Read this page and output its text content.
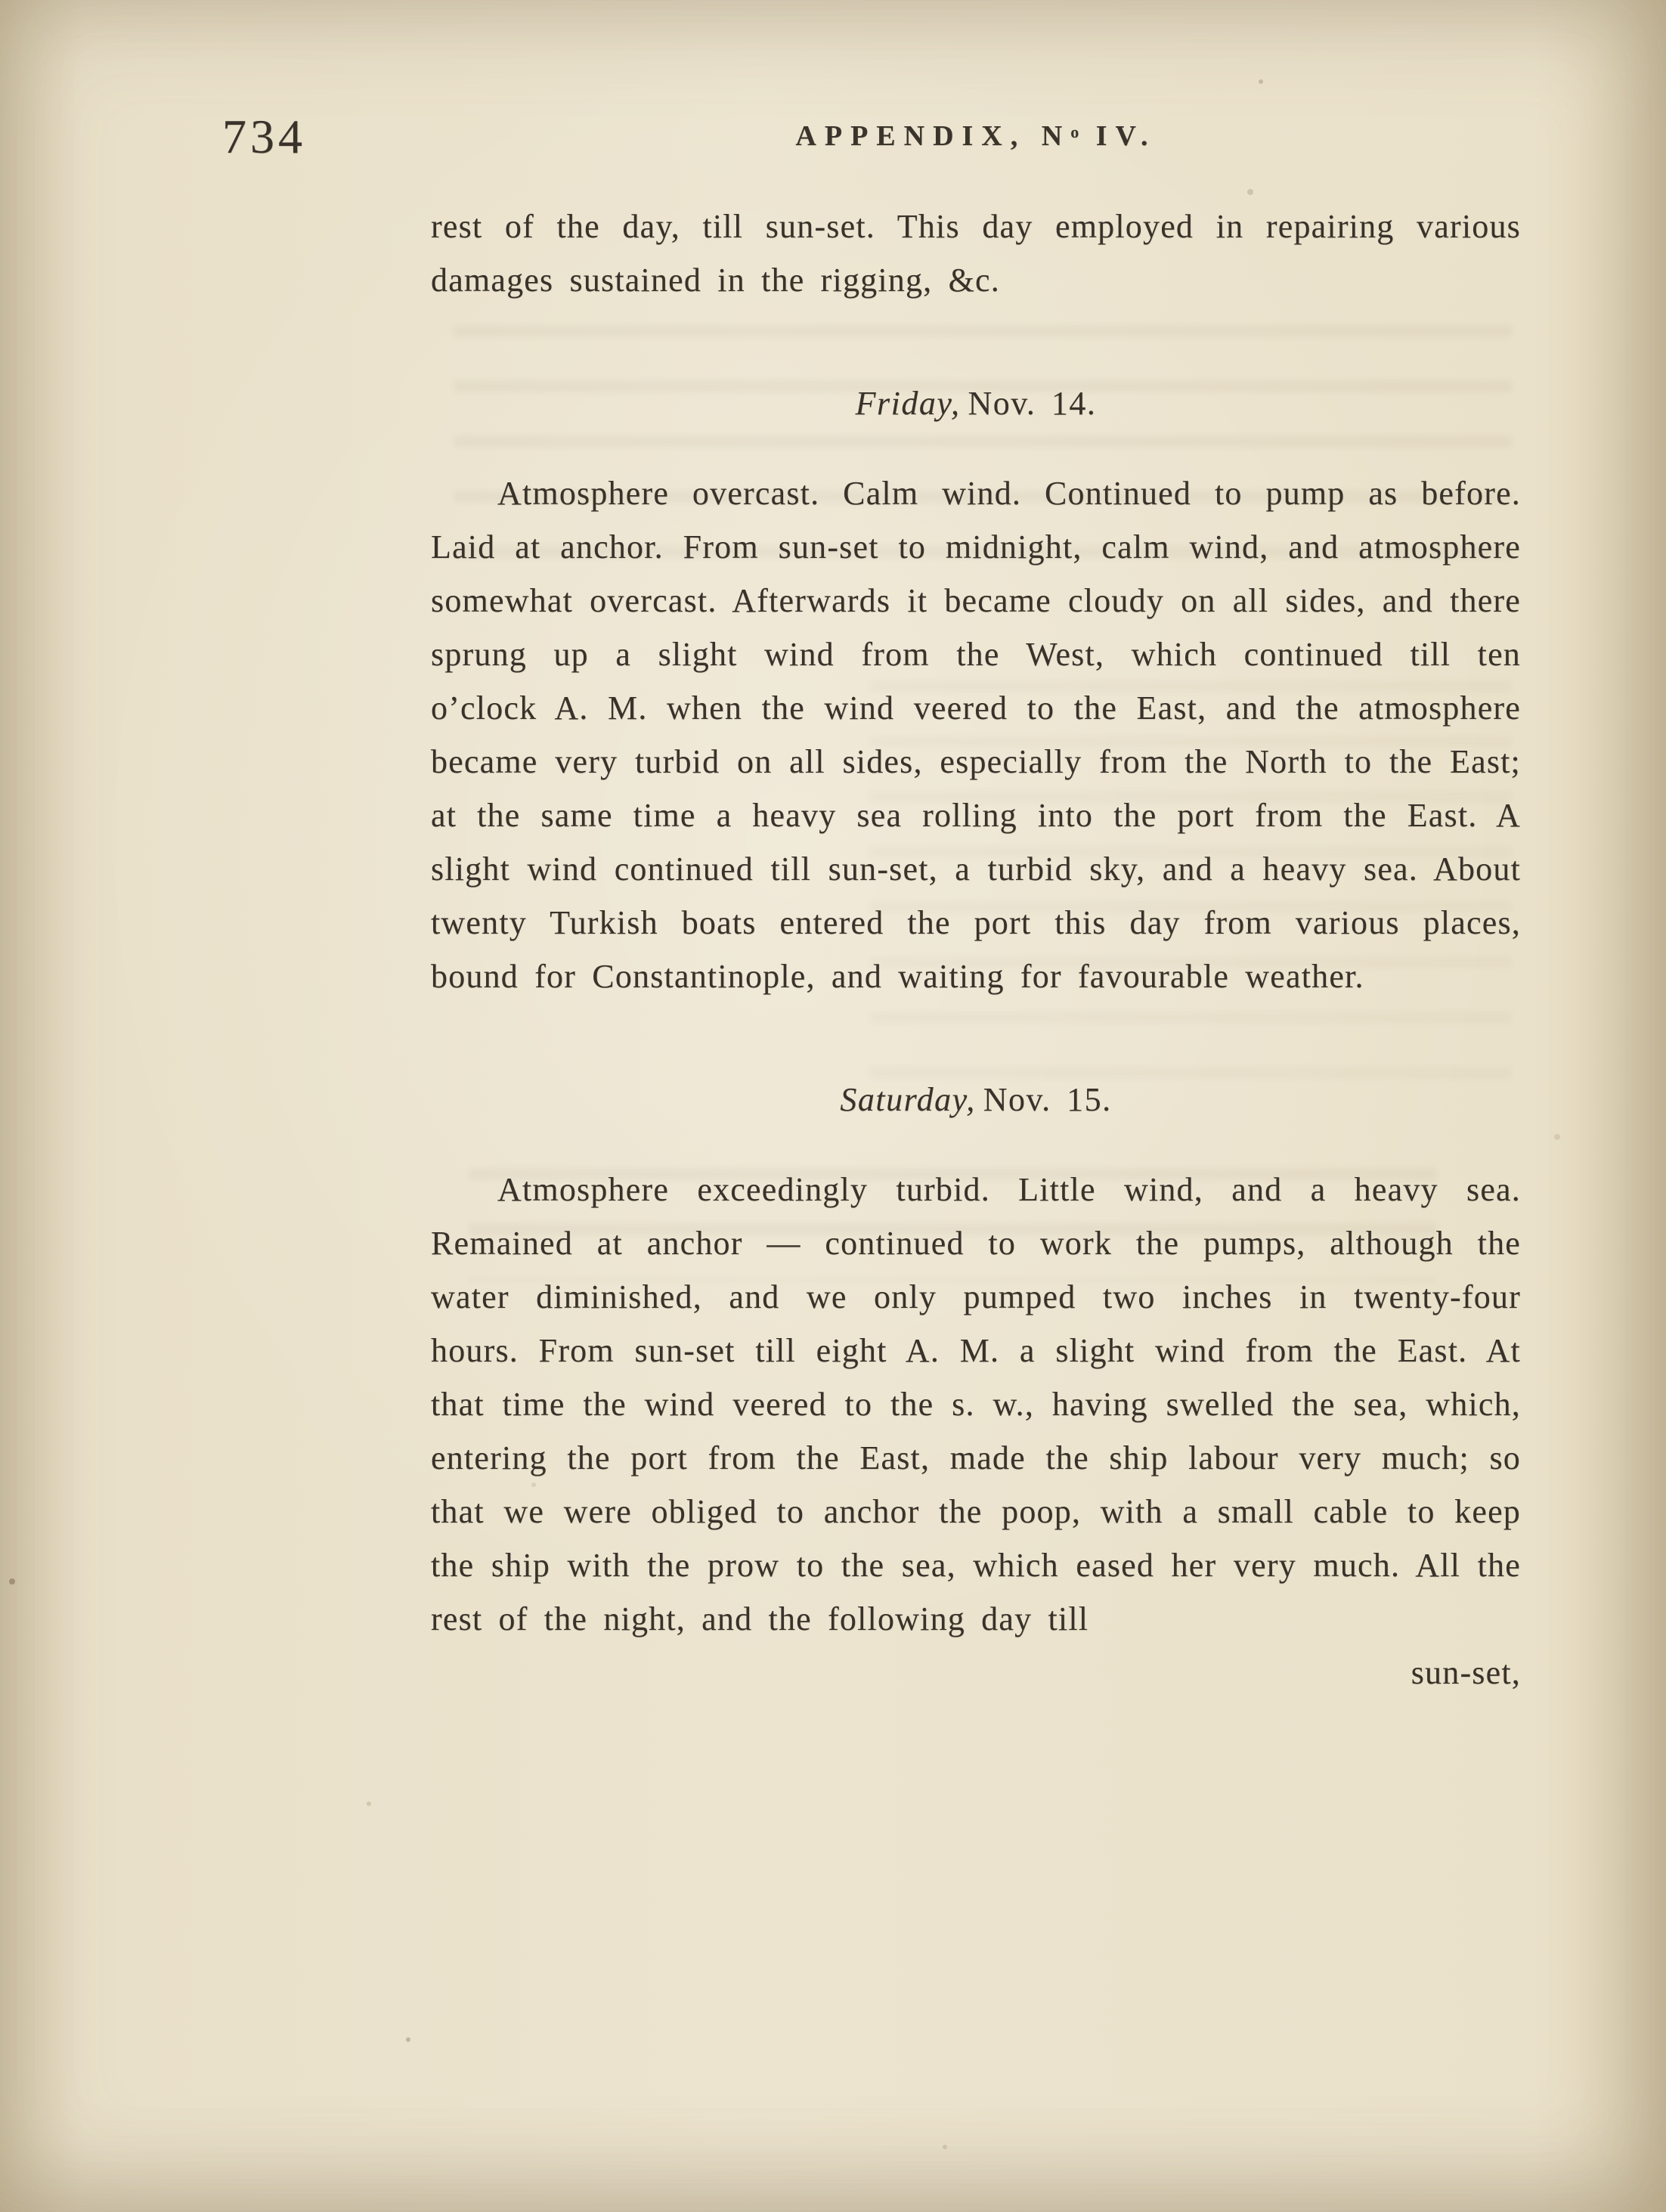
734	APPENDIX, $N^o$ IV.

rest of the day, till sun-set. This day employed in repairing various damages sustained in the rigging, &c.

Friday, Nov. 14.

Atmosphere overcast. Calm wind. Continued to pump as before. Laid at anchor. From sun-set to midnight, calm wind, and atmosphere somewhat overcast. Afterwards it became cloudy on all sides, and there sprung up a slight wind from the West, which continued till ten o’clock A. M. when the wind veered to the East, and the atmosphere became very turbid on all sides, especially from the North to the East; at the same time a heavy sea rolling into the port from the East. A slight wind continued till sun-set, a turbid sky, and a heavy sea. About twenty Turkish boats entered the port this day from various places, bound for Constantinople, and waiting for favourable weather.

Saturday, Nov. 15.

Atmosphere exceedingly turbid. Little wind, and a heavy sea. Remained at anchor — continued to work the pumps, although the water diminished, and we only pumped two inches in twenty-four hours. From sun-set till eight A. M. a slight wind from the East. At that time the wind veered to the s. w., having swelled the sea, which, entering the port from the East, made the ship labour very much; so that we were obliged to anchor the poop, with a small cable to keep the ship with the prow to the sea, which eased her very much. All the rest of the night, and the following day till

sun-set,
